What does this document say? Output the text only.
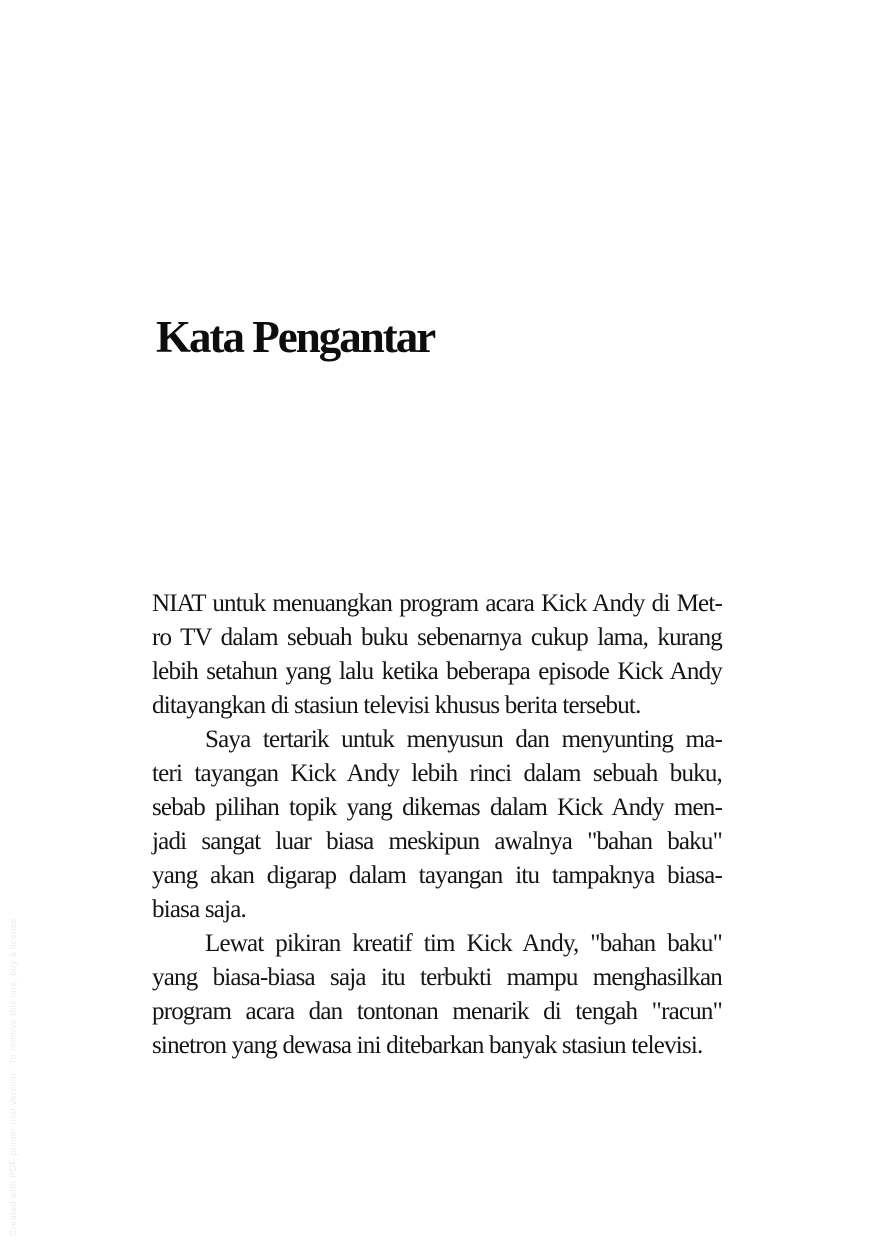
Created with PDF printer trial version - To remove this line, buy a license
Kata Pengantar
NIAT untuk menuangkan program acara Kick Andy di Met-
ro TV dalam sebuah buku sebenarnya cukup lama, kurang
lebih setahun yang lalu ketika beberapa episode Kick Andy
ditayangkan di stasiun televisi khusus berita tersebut.
Saya tertarik untuk menyusun dan menyunting ma-
teri tayangan Kick Andy lebih rinci dalam sebuah buku,
sebab pilihan topik yang dikemas dalam Kick Andy men-
jadi sangat luar biasa meskipun awalnya "bahan baku"
yang akan digarap dalam tayangan itu tampaknya biasa-
biasa saja.
Lewat pikiran kreatif tim Kick Andy, "bahan baku"
yang biasa-biasa saja itu terbukti mampu menghasilkan
program acara dan tontonan menarik di tengah "racun"
sinetron yang dewasa ini ditebarkan banyak stasiun televisi.
